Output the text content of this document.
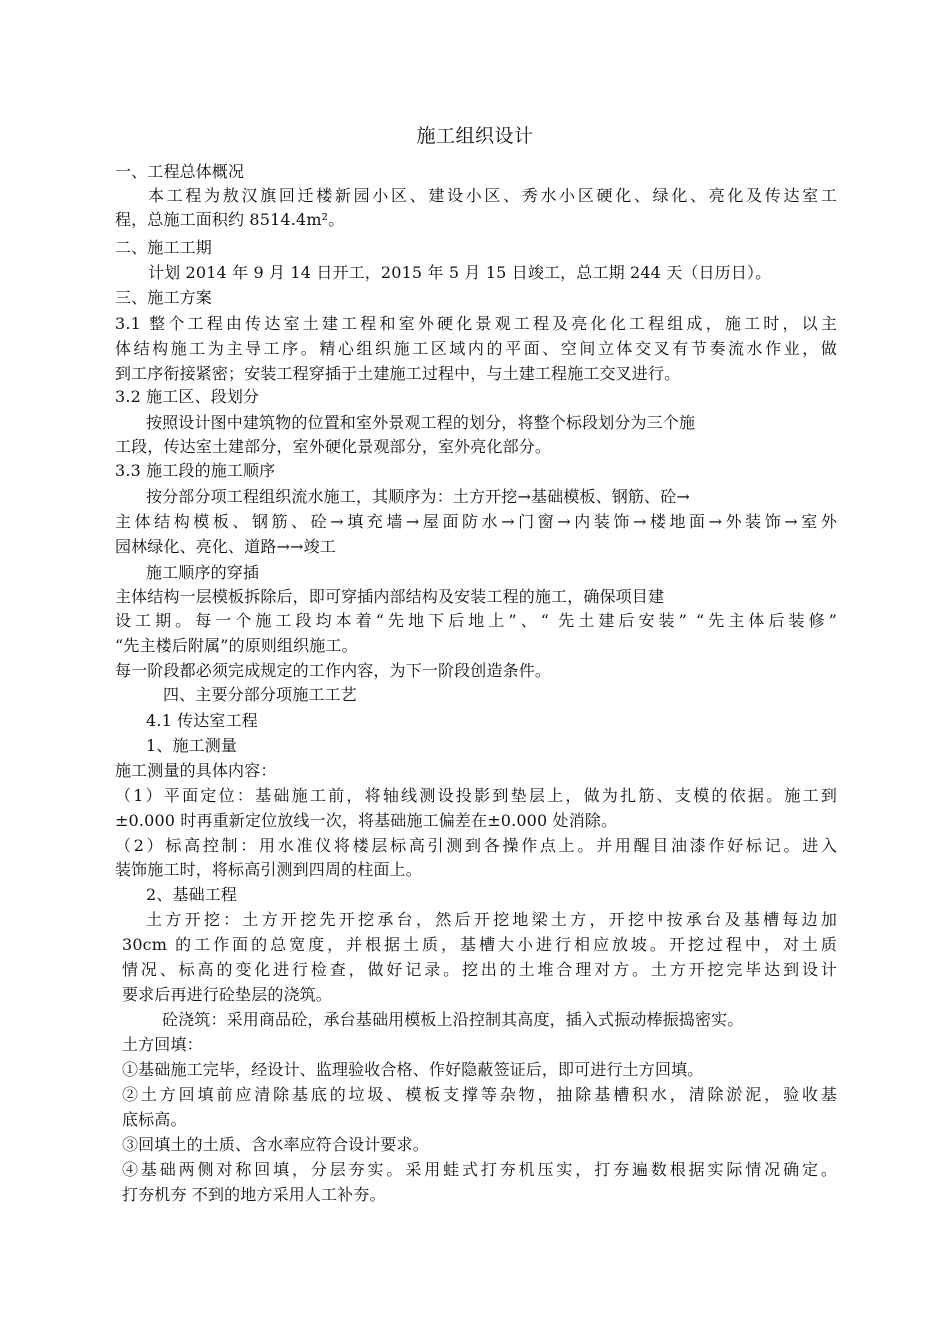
施工组织设计
一、工程总体概况
本工程为敖汉旗回迁楼新园小区、建设小区、秀水小区硬化、绿化、亮化及传达室工
程，总施工面积约 8514.4m²。
二、施工工期
计划 2014 年 9 月 14 日开工，2015 年 5 月 15 日竣工，总工期 244 天（日历日）。
三、施工方案
3.1 整个工程由传达室土建工程和室外硬化景观工程及亮化化工程组成，施工时，以主
体结构施工为主导工序。精心组织施工区域内的平面、空间立体交叉有节奏流水作业，做
到工序衔接紧密；安装工程穿插于土建施工过程中，与土建工程施工交叉进行。
3.2 施工区、段划分
按照设计图中建筑物的位置和室外景观工程的划分，将整个标段划分为三个施
工段，传达室土建部分，室外硬化景观部分，室外亮化部分。
3.3 施工段的施工顺序
按分部分项工程组织流水施工，其顺序为：土方开挖→基础模板、钢筋、砼→
主体结构模板、钢筋、砼→填充墙→屋面防水→门窗→内装饰→楼地面→外装饰→室外
园林绿化、亮化、道路→→竣工
施工顺序的穿插
主体结构一层模板拆除后，即可穿插内部结构及安装工程的施工，确保项目建
设工期。每一个施工段均本着“先地下后地上”、“ 先土建后安装” “先主体后装修”
“先主楼后附属”的原则组织施工。
每一阶段都必须完成规定的工作内容，为下一阶段创造条件。
四、主要分部分项施工工艺
4.1 传达室工程
1、施工测量
施工测量的具体内容：
（1）平面定位：基础施工前，将轴线测设投影到垫层上，做为扎筋、支模的依据。施工到
±0.000 时再重新定位放线一次，将基础施工偏差在±0.000 处消除。
（2）标高控制：用水准仪将楼层标高引测到各操作点上。并用醒目油漆作好标记。进入
装饰施工时，将标高引测到四周的柱面上。
2、基础工程
土方开挖：土方开挖先开挖承台，然后开挖地梁土方，开挖中按承台及基槽每边加
30cm 的工作面的总宽度，并根据土质，基槽大小进行相应放坡。开挖过程中，对土质
情况、标高的变化进行检查，做好记录。挖出的土堆合理对方。土方开挖完毕达到设计
要求后再进行砼垫层的浇筑。
砼浇筑：采用商品砼，承台基础用模板上沿控制其高度，插入式振动棒振捣密实。
土方回填：
①基础施工完毕，经设计、监理验收合格、作好隐蔽签证后，即可进行土方回填。
②土方回填前应清除基底的垃圾、模板支撑等杂物，抽除基槽积水，清除淤泥，验收基
底标高。
③回填土的土质、含水率应符合设计要求。
④基础两侧对称回填，分层夯实。采用蛙式打夯机压实，打夯遍数根据实际情况确定。
打夯机夯 不到的地方采用人工补夯。
